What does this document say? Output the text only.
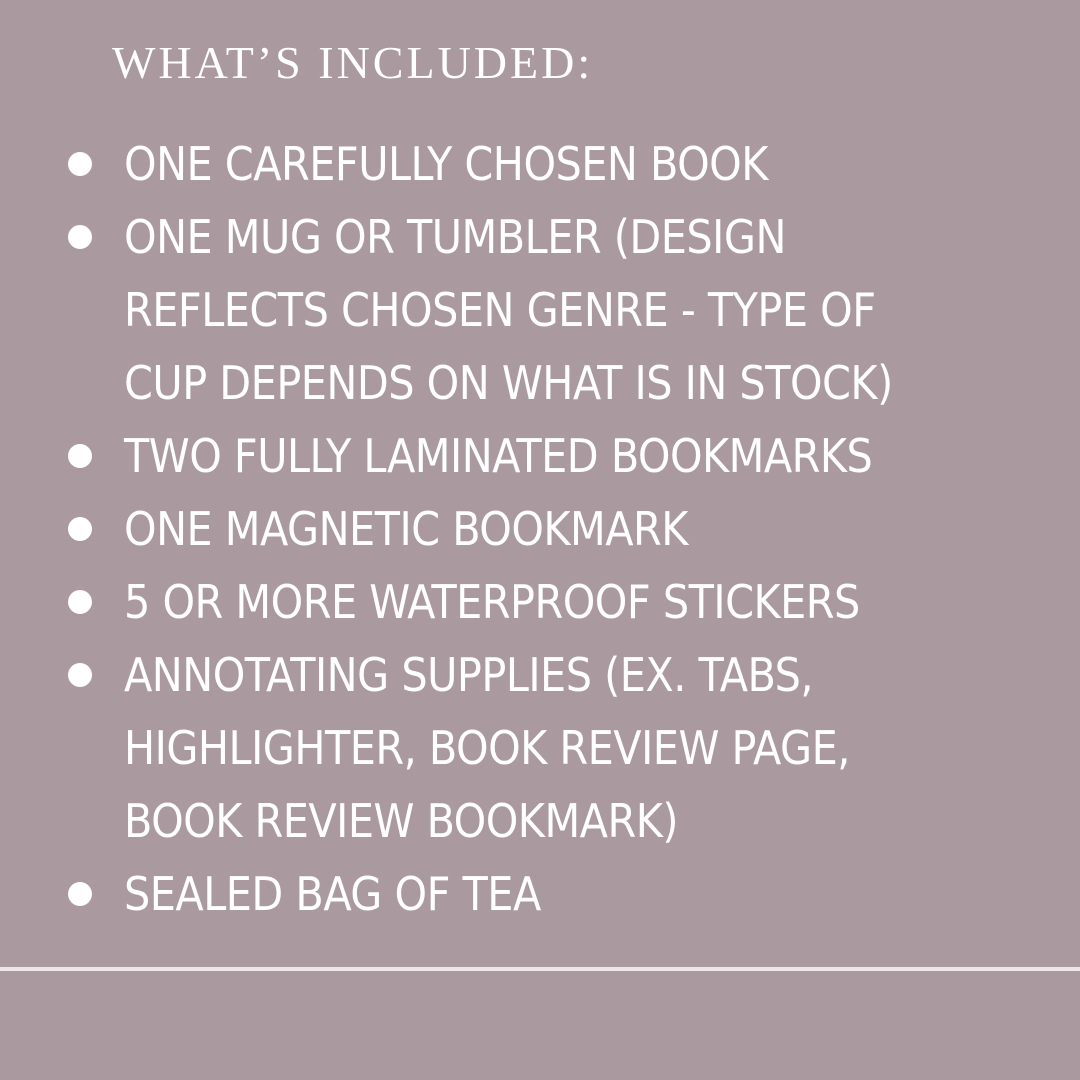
WHAT’S INCLUDED:
ONE CAREFULLY CHOSEN BOOK
ONE MUG OR TUMBLER (DESIGN REFLECTS CHOSEN GENRE - TYPE OF CUP DEPENDS ON WHAT IS IN STOCK)
TWO FULLY LAMINATED BOOKMARKS
ONE MAGNETIC BOOKMARK
5 OR MORE WATERPROOF STICKERS
ANNOTATING SUPPLIES (EX. TABS, HIGHLIGHTER, BOOK REVIEW PAGE, BOOK REVIEW BOOKMARK)
SEALED BAG OF TEA
